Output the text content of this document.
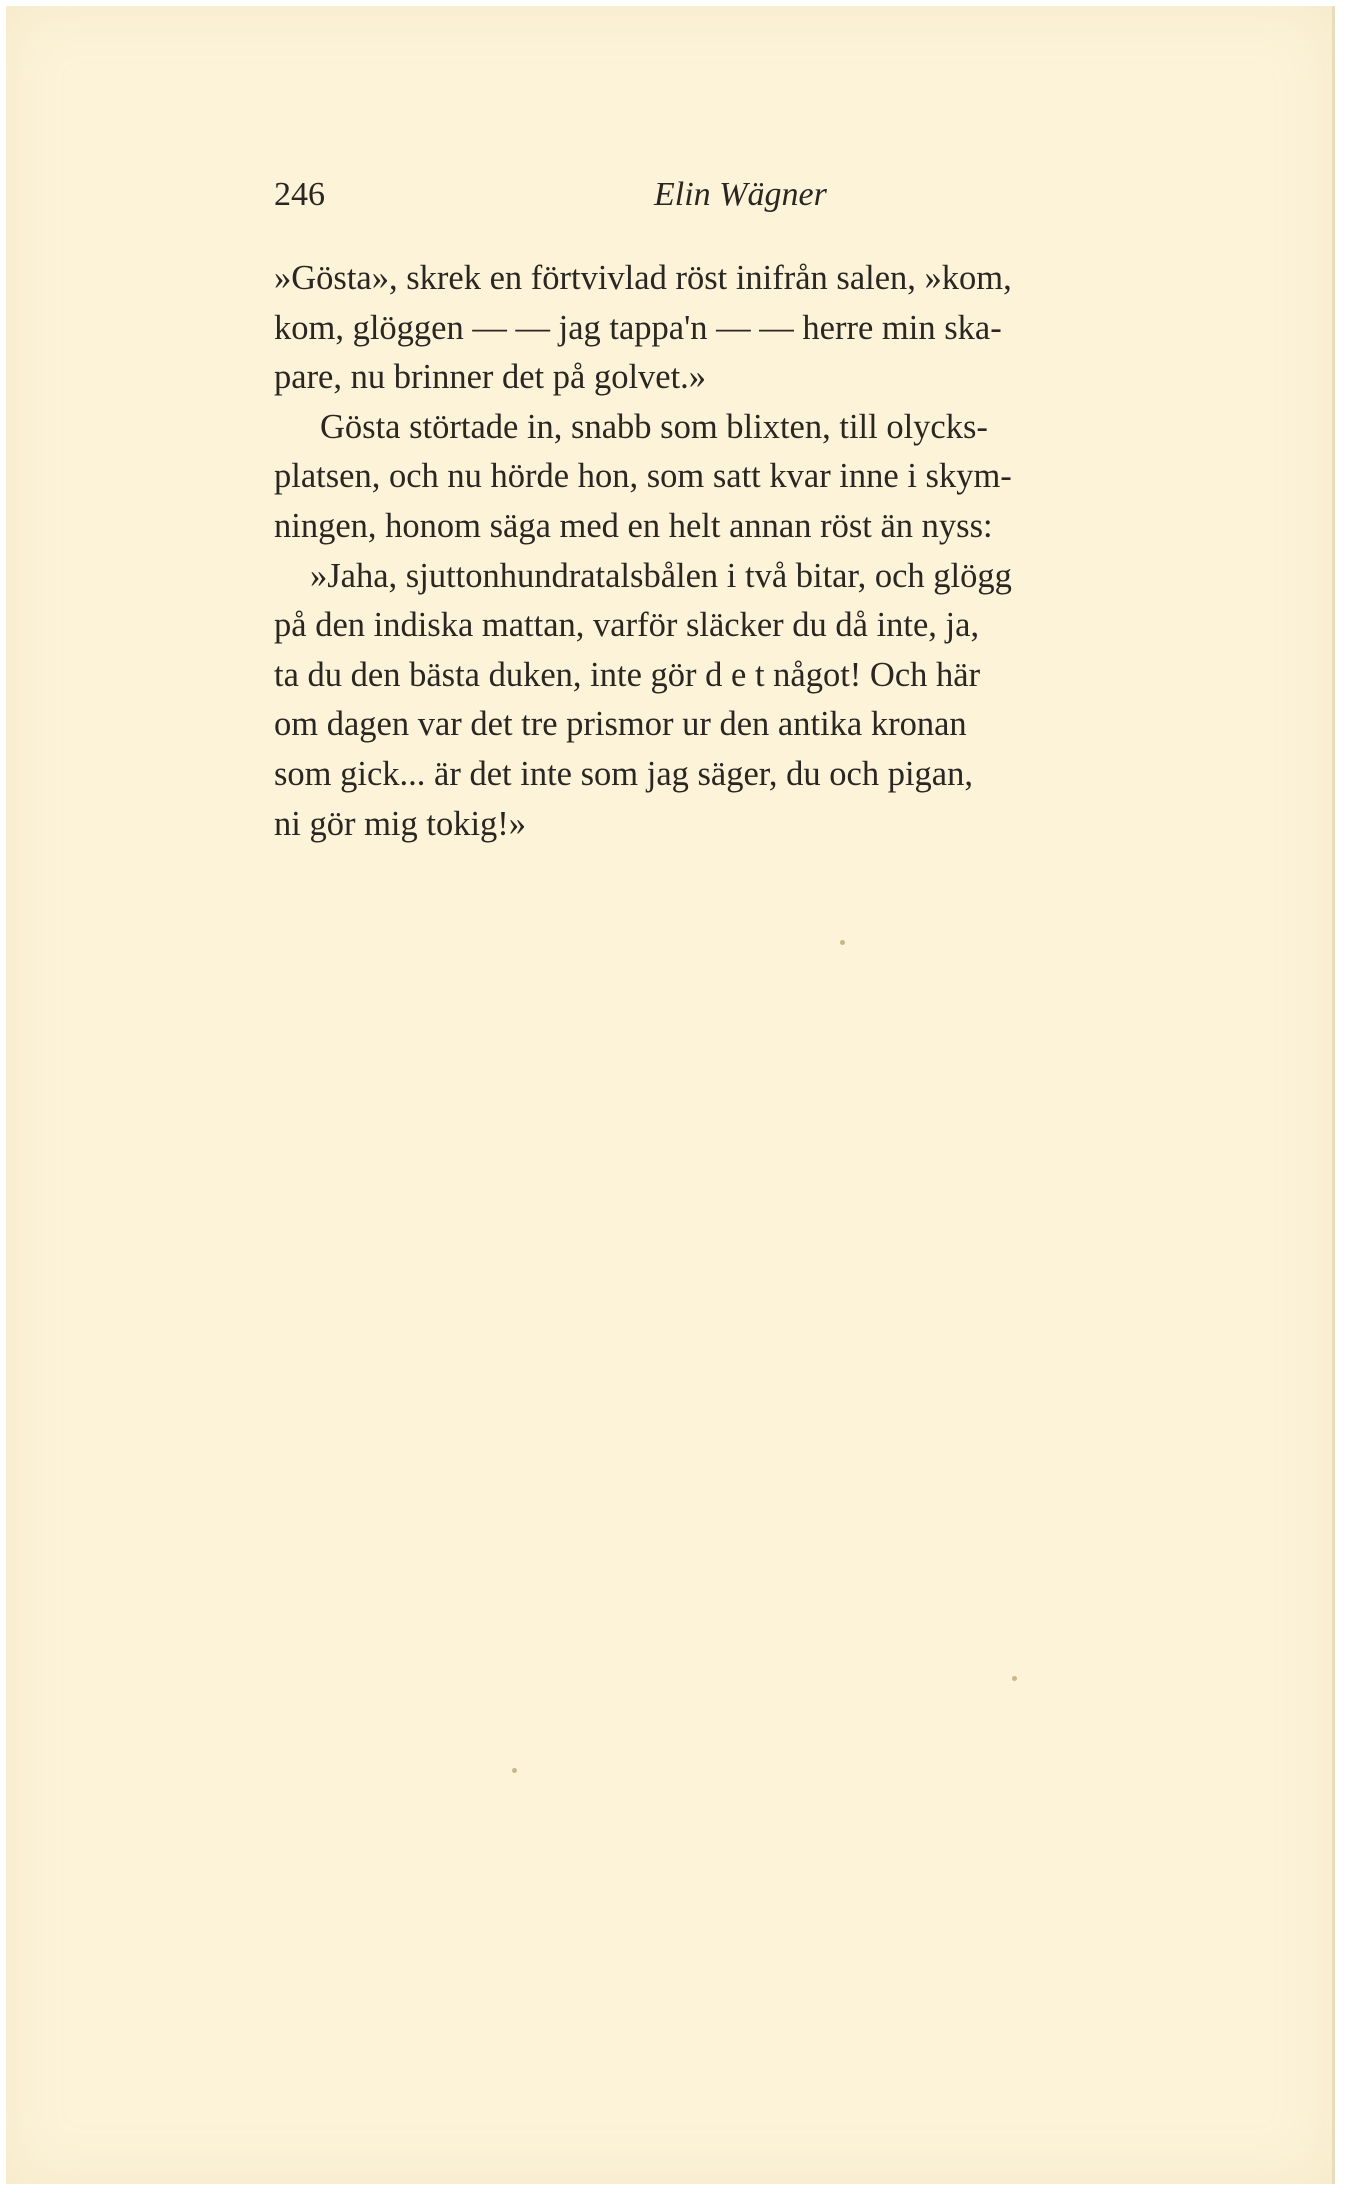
246	Elin Wägner
»Gösta», skrek en förtvivlad röst inifrån salen, »kom,
kom, glöggen — — jag tappa'n — — herre min ska-
pare, nu brinner det på golvet.»
Gösta störtade in, snabb som blixten, till olycks-
platsen, och nu hörde hon, som satt kvar inne i skym-
ningen, honom säga med en helt annan röst än nyss:
»Jaha, sjuttonhundratalsbålen i två bitar, och glögg
på den indiska mattan, varför släcker du då inte, ja,
ta du den bästa duken, inte gör d e t något! Och här
om dagen var det tre prismor ur den antika kronan
som gick... är det inte som jag säger, du och pigan,
ni gör mig tokig!»
